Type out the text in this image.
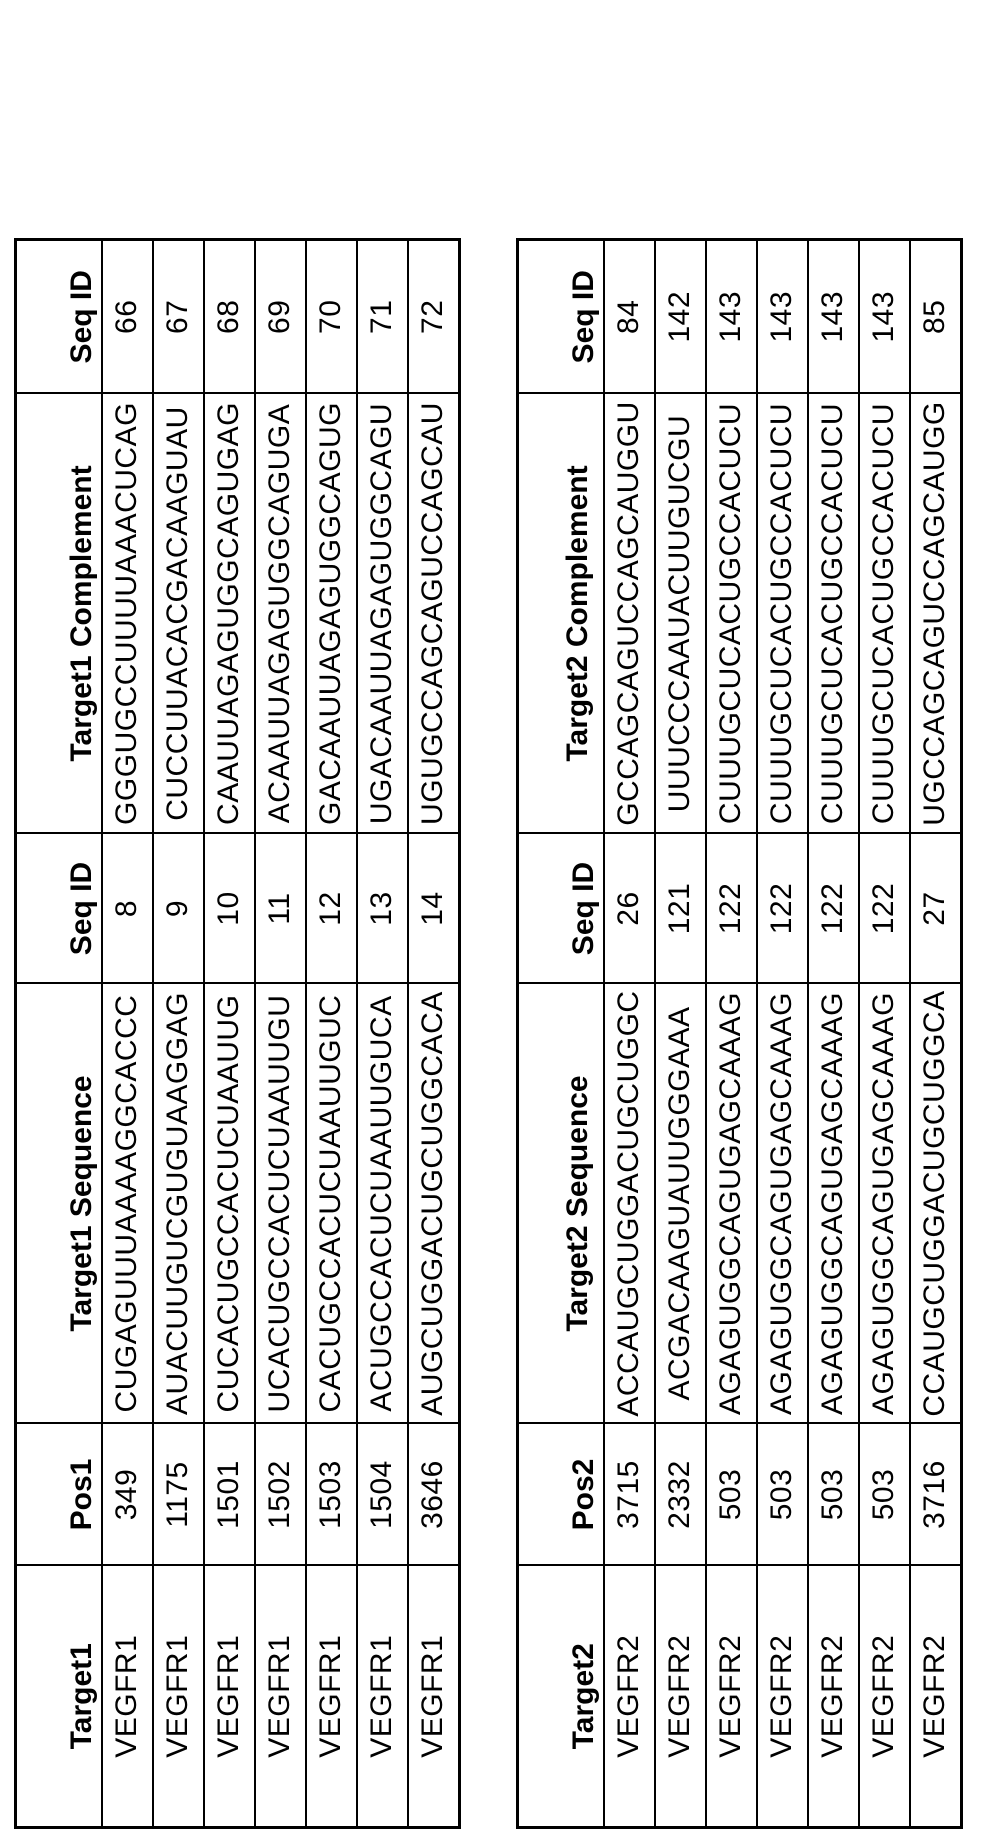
Target1	Pos1	Target1 Sequence	Seq ID	Target1 Complement	Seq ID
VEGFR1	349	CUGAGUUUAAAAGGCACCC	8	GGGUGCCUUUUAAACUCAG	66
VEGFR1	1175	AUACUUGUCGUGUAAGGAG	9	CUCCUUACACGACAAGUAU	67
VEGFR1	1501	CUCACUGCCACUCUAAUUG	10	CAAUUAGAGUGGCAGUGAG	68
VEGFR1	1502	UCACUGCCACUCUAAUUGU	11	ACAAUUAGAGUGGCAGUGA	69
VEGFR1	1503	CACUGCCACUCUAAUUGUC	12	GACAAUUAGAGUGGCAGUG	70
VEGFR1	1504	ACUGCCACUCUAAUUGUCA	13	UGACAAUUAGAGUGGCAGU	71
VEGFR1	3646	AUGCUGGACUGCUGGCACA	14	UGUGCCAGCAGUCCAGCAU	72
Target2	Pos2	Target2 Sequence	Seq ID	Target2 Complement	Seq ID
VEGFR2	3715	ACCAUGCUGGACUGCUGGC	26	GCCAGCAGUCCAGCAUGGU	84
VEGFR2	2332	ACGACAAGUAUUGGGAAA	121	UUUCCCAAUACUUGUCGU	142
VEGFR2	503	AGAGUGGCAGUGAGCAAAG	122	CUUUGCUCACUGCCACUCU	143
VEGFR2	503	AGAGUGGCAGUGAGCAAAG	122	CUUUGCUCACUGCCACUCU	143
VEGFR2	503	AGAGUGGCAGUGAGCAAAG	122	CUUUGCUCACUGCCACUCU	143
VEGFR2	503	AGAGUGGCAGUGAGCAAAG	122	CUUUGCUCACUGCCACUCU	143
VEGFR2	3716	CCAUGCUGGACUGCUGGCA	27	UGCCAGCAGUCCAGCAUGG	85
